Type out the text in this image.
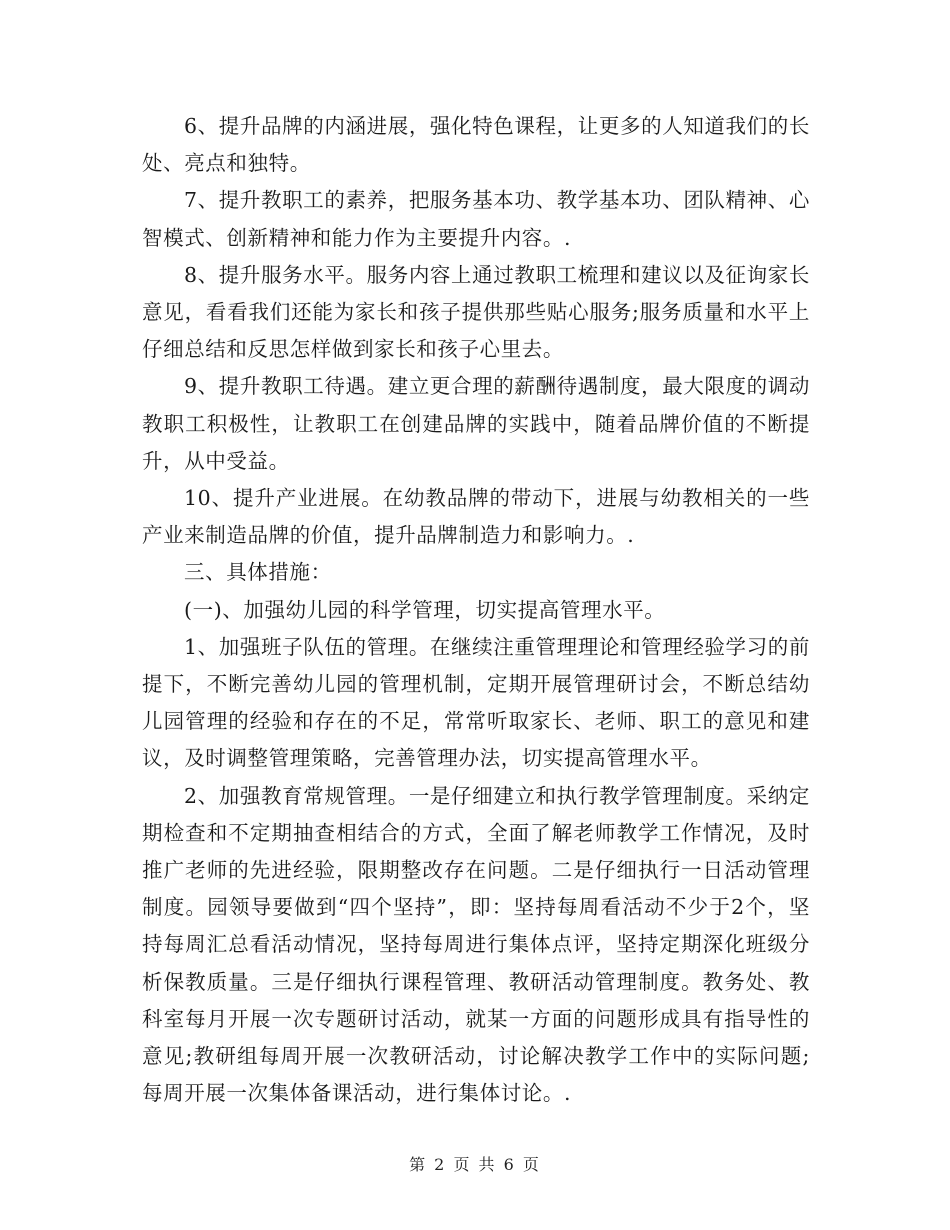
6、提升品牌的内涵进展，强化特色课程，让更多的人知道我们的长处、亮点和独特。

7、提升教职工的素养，把服务基本功、教学基本功、团队精神、心智模式、创新精神和能力作为主要提升内容。.

8、提升服务水平。服务内容上通过教职工梳理和建议以及征询家长意见，看看我们还能为家长和孩子提供那些贴心服务;服务质量和水平上仔细总结和反思怎样做到家长和孩子心里去。

9、提升教职工待遇。建立更合理的薪酬待遇制度，最大限度的调动教职工积极性，让教职工在创建品牌的实践中，随着品牌价值的不断提升，从中受益。

10、提升产业进展。在幼教品牌的带动下，进展与幼教相关的一些产业来制造品牌的价值，提升品牌制造力和影响力。.

三、具体措施：

(一)、加强幼儿园的科学管理，切实提高管理水平。

1、加强班子队伍的管理。在继续注重管理理论和管理经验学习的前提下，不断完善幼儿园的管理机制，定期开展管理研讨会，不断总结幼儿园管理的经验和存在的不足，常常听取家长、老师、职工的意见和建议，及时调整管理策略，完善管理办法，切实提高管理水平。

2、加强教育常规管理。一是仔细建立和执行教学管理制度。采纳定期检查和不定期抽查相结合的方式，全面了解老师教学工作情况，及时推广老师的先进经验，限期整改存在问题。二是仔细执行一日活动管理制度。园领导要做到“四个坚持”，即：坚持每周看活动不少于2个，坚持每周汇总看活动情况，坚持每周进行集体点评，坚持定期深化班级分析保教质量。三是仔细执行课程管理、教研活动管理制度。教务处、教科室每月开展一次专题研讨活动，就某一方面的问题形成具有指导性的意见;教研组每周开展一次教研活动，讨论解决教学工作中的实际问题;每周开展一次集体备课活动，进行集体讨论。.

第 2 页 共 6 页
